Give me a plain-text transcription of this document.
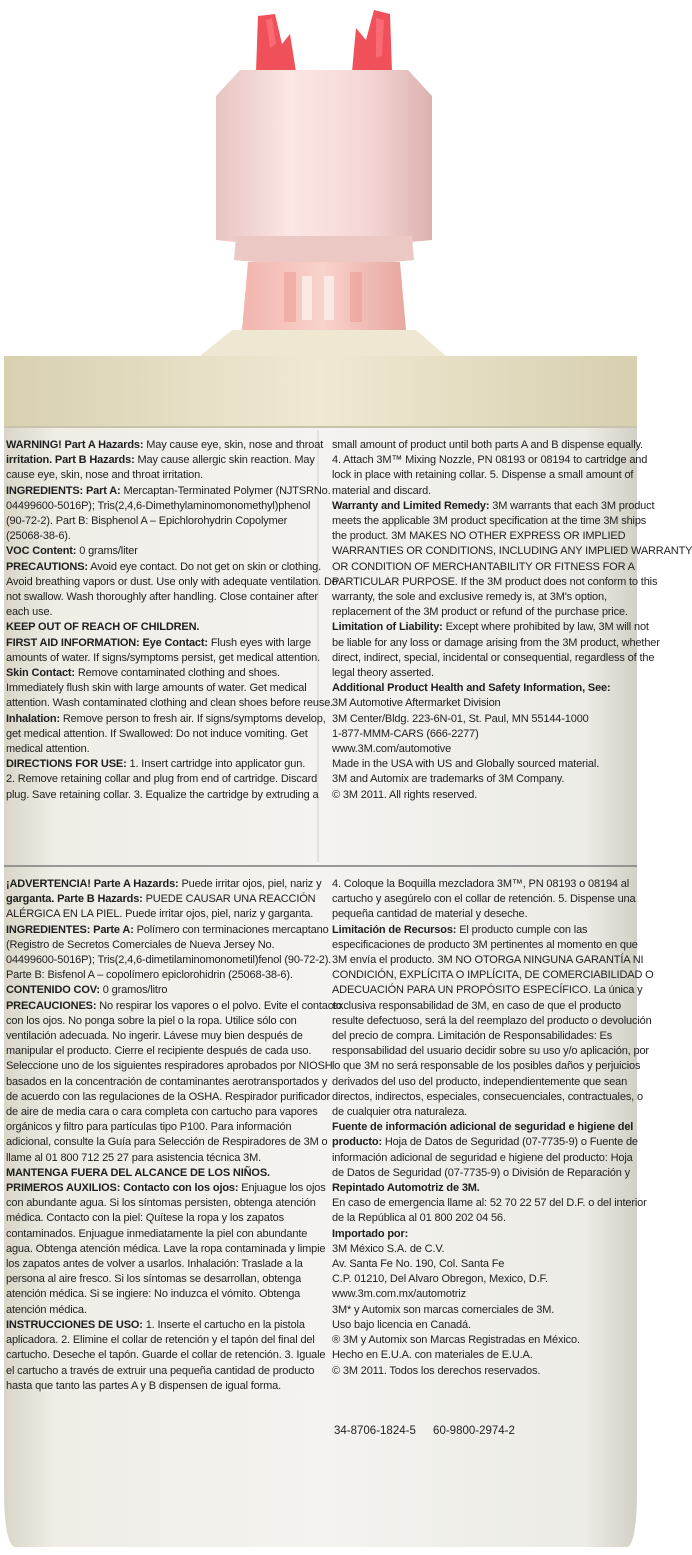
WARNING! Part A Hazards: May cause eye, skin, nose and throat

irritation. Part B Hazards: May cause allergic skin reaction. May

cause eye, skin, nose and throat irritation.

INGREDIENTS: Part A: Mercaptan-Terminated Polymer (NJTSRNo.

04499600-5016P); Tris(2,4,6-Dimethylaminomonomethyl)phenol

(90-72-2). Part B: Bisphenol A – Epichlorohydrin Copolymer

(25068-38-6).

VOC Content: 0 grams/liter

PRECAUTIONS: Avoid eye contact. Do not get on skin or clothing.

Avoid breathing vapors or dust. Use only with adequate ventilation. Do

not swallow. Wash thoroughly after handling. Close container after

each use.

KEEP OUT OF REACH OF CHILDREN.

FIRST AID INFORMATION: Eye Contact: Flush eyes with large

amounts of water. If signs/symptoms persist, get medical attention.

Skin Contact: Remove contaminated clothing and shoes.

Immediately flush skin with large amounts of water. Get medical

attention. Wash contaminated clothing and clean shoes before reuse.

Inhalation: Remove person to fresh air. If signs/symptoms develop,

get medical attention. If Swallowed: Do not induce vomiting. Get

medical attention.

DIRECTIONS FOR USE: 1. Insert cartridge into applicator gun.

2. Remove retaining collar and plug from end of cartridge. Discard

plug. Save retaining collar. 3. Equalize the cartridge by extruding a

small amount of product until both parts A and B dispense equally.

4. Attach 3M™ Mixing Nozzle, PN 08193 or 08194 to cartridge and

lock in place with retaining collar. 5. Dispense a small amount of

material and discard.

Warranty and Limited Remedy: 3M warrants that each 3M product

meets the applicable 3M product specification at the time 3M ships

the product. 3M MAKES NO OTHER EXPRESS OR IMPLIED

WARRANTIES OR CONDITIONS, INCLUDING ANY IMPLIED WARRANTY

OR CONDITION OF MERCHANTABILITY OR FITNESS FOR A

PARTICULAR PURPOSE. If the 3M product does not conform to this

warranty, the sole and exclusive remedy is, at 3M's option,

replacement of the 3M product or refund of the purchase price.

Limitation of Liability: Except where prohibited by law, 3M will not

be liable for any loss or damage arising from the 3M product, whether

direct, indirect, special, incidental or consequential, regardless of the

legal theory asserted.

Additional Product Health and Safety Information, See:

3M Automotive Aftermarket Division

3M Center/Bldg. 223-6N-01, St. Paul, MN 55144-1000

1-877-MMM-CARS (666-2277)

www.3M.com/automotive

Made in the USA with US and Globally sourced material.

3M and Automix are trademarks of 3M Company.

© 3M 2011. All rights reserved.

¡ADVERTENCIA! Parte A Hazards: Puede irritar ojos, piel, nariz y

garganta. Parte B Hazards: PUEDE CAUSAR UNA REACCIÓN

ALÉRGICA EN LA PIEL. Puede irritar ojos, piel, nariz y garganta.

INGREDIENTES: Parte A: Polímero con terminaciones mercaptano

(Registro de Secretos Comerciales de Nueva Jersey No.

04499600-5016P); Tris(2,4,6-dimetilaminomonometil)fenol (90-72-2).

Parte B: Bisfenol A – copolímero epiclorohidrin (25068-38-6).

CONTENIDO COV: 0 gramos/litro

PRECAUCIONES: No respirar los vapores o el polvo. Evite el contacto

con los ojos. No ponga sobre la piel o la ropa. Utilice sólo con

ventilación adecuada. No ingerir. Lávese muy bien después de

manipular el producto. Cierre el recipiente después de cada uso.

Seleccione uno de los siguientes respiradores aprobados por NIOSH

basados en la concentración de contaminantes aerotransportados y

de acuerdo con las regulaciones de la OSHA. Respirador purificador

de aire de media cara o cara completa con cartucho para vapores

orgánicos y filtro para partículas tipo P100. Para información

adicional, consulte la Guía para Selección de Respiradores de 3M o

llame al 01 800 712 25 27 para asistencia técnica 3M.

MANTENGA FUERA DEL ALCANCE DE LOS NIÑOS.

PRIMEROS AUXILIOS: Contacto con los ojos: Enjuague los ojos

con abundante agua. Si los síntomas persisten, obtenga atención

médica. Contacto con la piel: Quítese la ropa y los zapatos

contaminados. Enjuague inmediatamente la piel con abundante

agua. Obtenga atención médica. Lave la ropa contaminada y limpie

los zapatos antes de volver a usarlos. Inhalación: Traslade a la

persona al aire fresco. Si los síntomas se desarrollan, obtenga

atención médica. Si se ingiere: No induzca el vómito. Obtenga

atención médica.

INSTRUCCIONES DE USO: 1. Inserte el cartucho en la pistola

aplicadora. 2. Elimine el collar de retención y el tapón del final del

cartucho. Deseche el tapón. Guarde el collar de retención. 3. Iguale

el cartucho a través de extruir una pequeña cantidad de producto

hasta que tanto las partes A y B dispensen de igual forma.

4. Coloque la Boquilla mezcladora 3M™, PN 08193 o 08194 al

cartucho y asegúrelo con el collar de retención. 5. Dispense una

pequeña cantidad de material y deseche.

Limitación de Recursos: El producto cumple con las

especificaciones de producto 3M pertinentes al momento en que

3M envía el producto. 3M NO OTORGA NINGUNA GARANTÍA NI

CONDICIÓN, EXPLÍCITA O IMPLÍCITA, DE COMERCIABILIDAD O

ADECUACIÓN PARA UN PROPÓSITO ESPECÍFICO. La única y

exclusiva responsabilidad de 3M, en caso de que el producto

resulte defectuoso, será la del reemplazo del producto o devolución

del precio de compra. Limitación de Responsabilidades: Es

responsabilidad del usuario decidir sobre su uso y/o aplicación, por

lo que 3M no será responsable de los posibles daños y perjuicios

derivados del uso del producto, independientemente que sean

directos, indirectos, especiales, consecuenciales, contractuales, o

de cualquier otra naturaleza.

Fuente de información adicional de seguridad e higiene del

producto: Hoja de Datos de Seguridad (07-7735-9) o Fuente de

información adicional de seguridad e higiene del producto: Hoja

de Datos de Seguridad (07-7735-9) o División de Reparación y

Repintado Automotriz de 3M.

En caso de emergencia llame al: 52 70 22 57 del D.F. o del interior

de la República al 01 800 202 04 56.

Importado por:

3M México S.A. de C.V.

Av. Santa Fe No. 190, Col. Santa Fe

C.P. 01210, Del Alvaro Obregon, Mexico, D.F.

www.3m.com.mx/automotriz

3M* y Automix son marcas comerciales de 3M.

Uso bajo licencia en Canadá.

® 3M y Automix son Marcas Registradas en México.

Hecho en E.U.A. con materiales de E.U.A.

© 3M 2011. Todos los derechos reservados.

34-8706-1824-5 60-9800-2974-2
